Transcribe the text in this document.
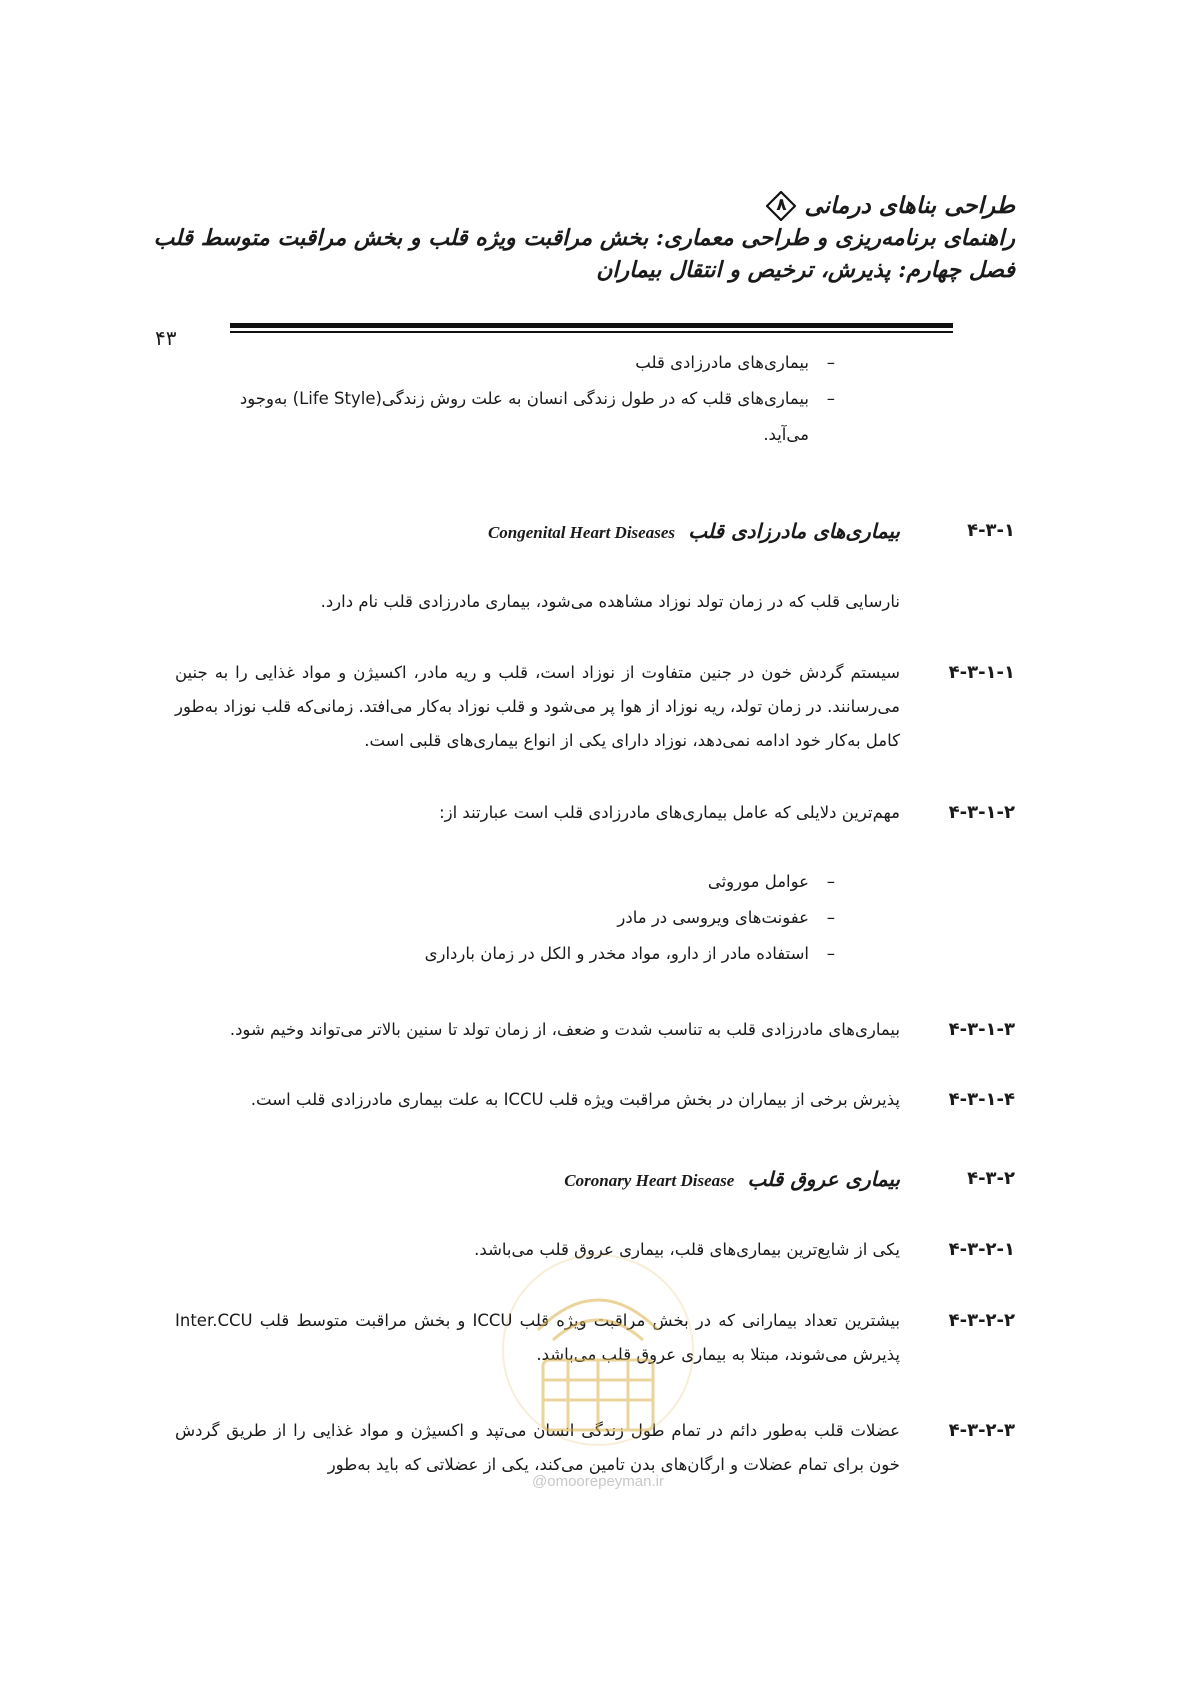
طراحی بناهای درمانی
۸
راهنمای برنامه‌ریزی و طراحی معماری: بخش مراقبت ویژه قلب و بخش مراقبت متوسط قلب
فصل چهارم: پذیرش، ترخیص و انتقال بیماران
۴۳
–بیماری‌های مادرزادی قلب
–بیماری‌های قلب که در طول زندگی انسان به علت روش زندگی(Life Style) به‌وجود
می‌آید.
۴-۳-۱
بیماری‌های مادرزادی قلب Congenital Heart Diseases
نارسایی قلب که در زمان تولد نوزاد مشاهده می‌شود، بیماری مادرزادی قلب نام دارد.
۴-۳-۱-۱
سیستم گردش خون در جنین متفاوت از نوزاد است، قلب و ریه مادر، اکسیژن و مواد غذایی را به جنین می‌رسانند. در زمان تولد، ریه نوزاد از هوا پر می‌شود و قلب نوزاد به‌کار می‌افتد. زمانی‌که قلب نوزاد به‌طور کامل به‌کار خود ادامه نمی‌دهد، نوزاد دارای یکی از انواع بیماری‌های قلبی است.
۴-۳-۱-۲
مهم‌ترین دلایلی که عامل بیماری‌های مادرزادی قلب است عبارتند از:
–عوامل موروثی
–عفونت‌های ویروسی در مادر
–استفاده مادر از دارو، مواد مخدر و الکل در زمان بارداری
۴-۳-۱-۳
بیماری‌های مادرزادی قلب به تناسب شدت و ضعف، از زمان تولد تا سنین بالاتر می‌تواند وخیم شود.
۴-۳-۱-۴
پذیرش برخی از بیماران در بخش مراقبت ویژه قلب ICCU به علت بیماری مادرزادی قلب است.
۴-۳-۲
بیماری عروق قلب Coronary Heart Disease
۴-۳-۲-۱
یکی از شایع‌ترین بیماری‌های قلب، بیماری عروق قلب می‌باشد.
۴-۳-۲-۲
بیشترین تعداد بیمارانی که در بخش مراقبت ویژه قلب ICCU و بخش مراقبت متوسط قلب Inter.CCU پذیرش می‌شوند، مبتلا به بیماری عروق قلب می‌باشد.
۴-۳-۲-۳
عضلات قلب به‌طور دائم در تمام طول زندگی انسان می‌تپد و اکسیژن و مواد غذایی را از طریق گردش خون برای تمام عضلات و ارگان‌های بدن تامین می‌کند، یکی از عضلاتی که باید به‌طور
@omoorepeyman.ir
